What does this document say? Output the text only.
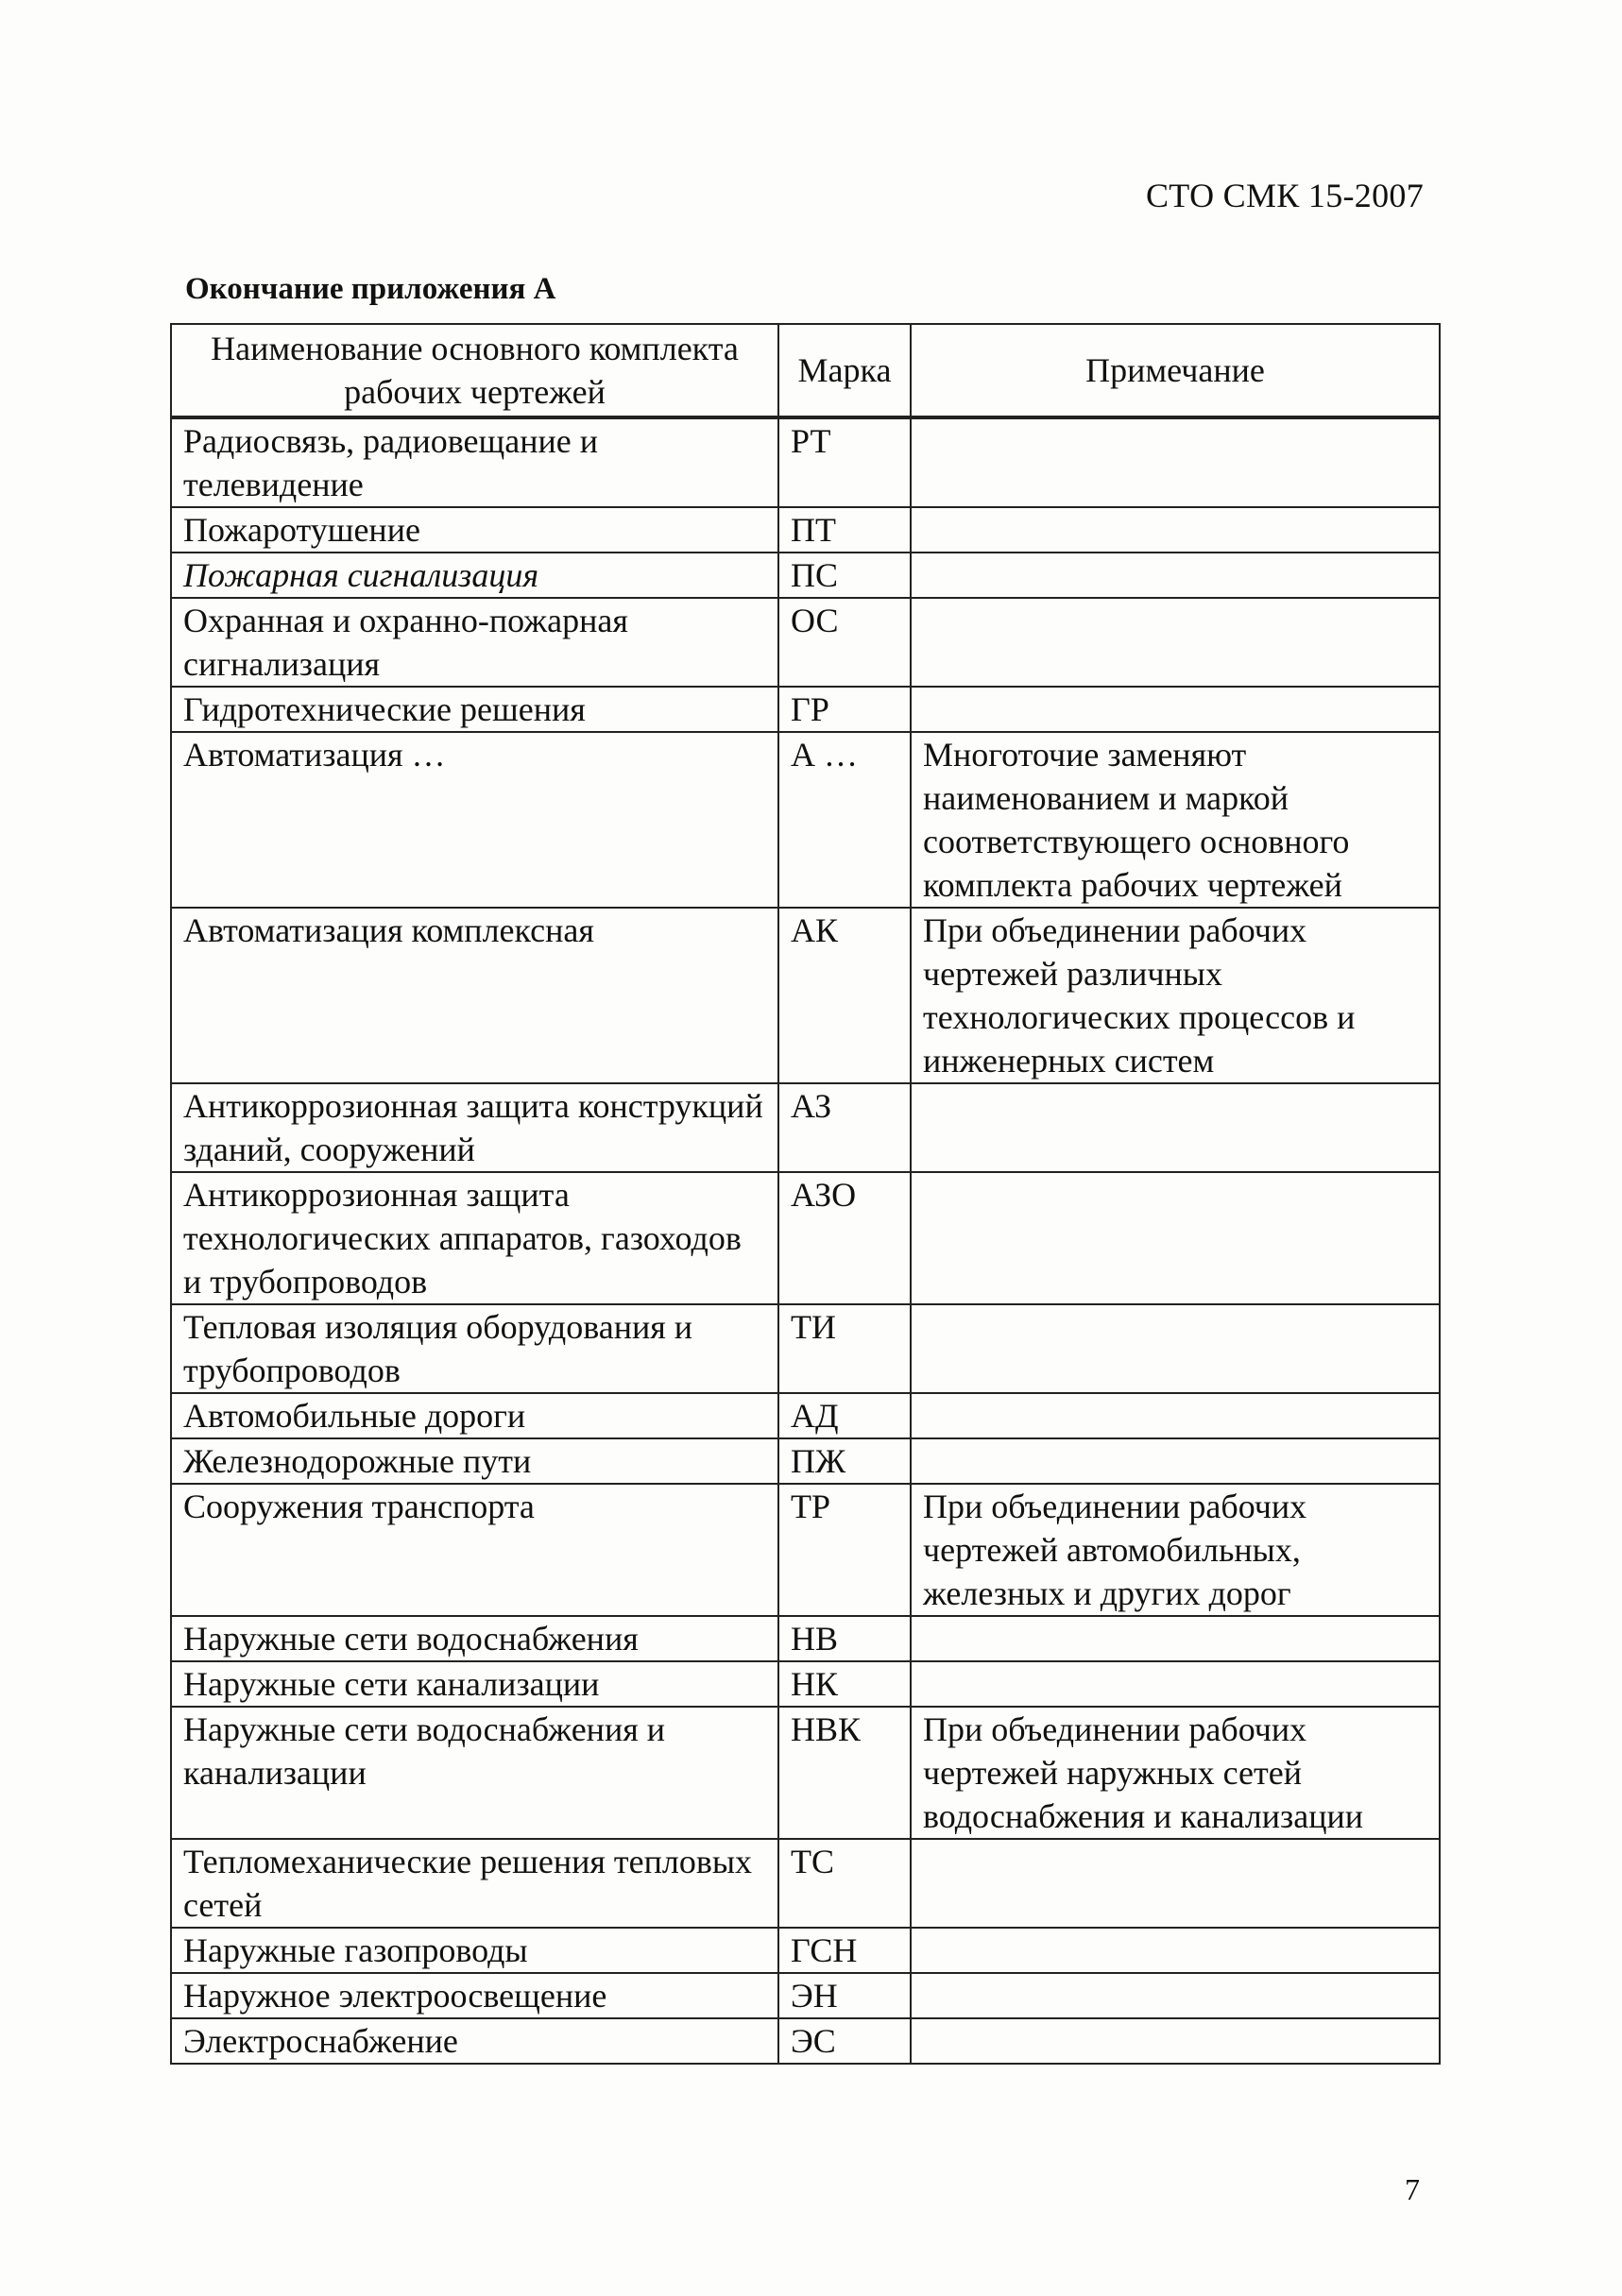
СТО СМК 15-2007
Окончание приложения А
Наименование основного комплекта рабочих чертежей	Марка	Примечание
Радиосвязь, радиовещание и телевидение	РТ	
Пожаротушение	ПТ	
Пожарная сигнализация	ПС	
Охранная и охранно-пожарная сигнализация	ОС	
Гидротехнические решения	ГР	
Автоматизация …	А …	Многоточие заменяют наименованием и маркой соответствующего основного комплекта рабочих чертежей
Автоматизация комплексная	АК	При объединении рабочих чертежей различных технологических процессов и инженерных систем
Антикоррозионная защита конструкций зданий, сооружений	АЗ	
Антикоррозионная защита технологических аппаратов, газоходов и трубопроводов	АЗО	
Тепловая изоляция оборудования и трубопроводов	ТИ	
Автомобильные дороги	АД	
Железнодорожные пути	ПЖ	
Сооружения транспорта	ТР	При объединении рабочих чертежей автомобильных, железных и других дорог
Наружные сети водоснабжения	НВ	
Наружные сети канализации	НК	
Наружные сети водоснабжения и канализации	НВК	При объединении рабочих чертежей наружных сетей водоснабжения и канализации
Тепломеханические решения тепловых сетей	ТС	
Наружные газопроводы	ГСН	
Наружное электроосвещение	ЭН	
Электроснабжение	ЭС	
7
